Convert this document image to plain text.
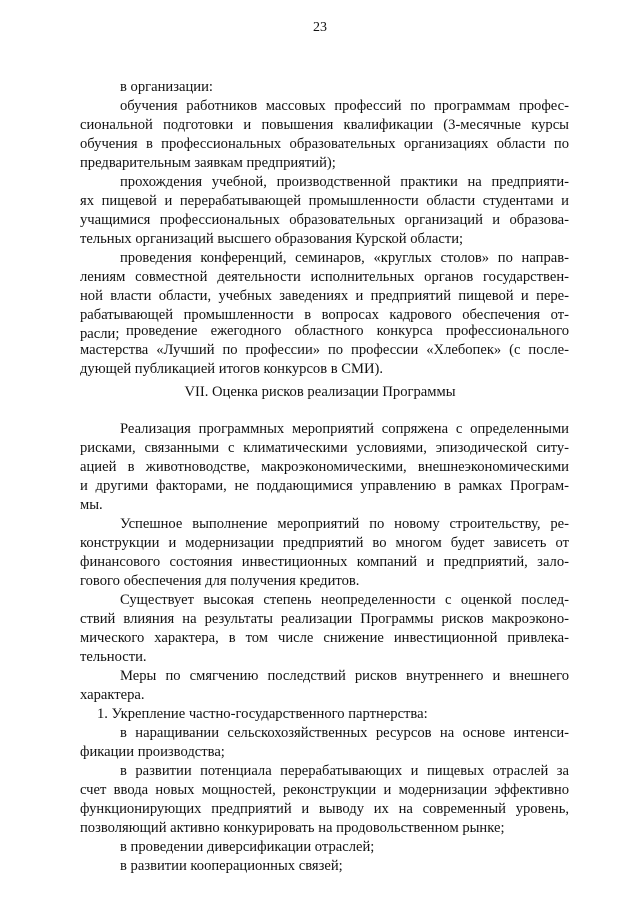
23
в организации:
обучения работников массовых профессий по программам профес-
сиональной подготовки и повышения квалификации (3-месячные курсы
обучения в профессиональных образовательных организациях области по
предварительным заявкам предприятий);
прохождения учебной, производственной практики на предприяти-
ях пищевой и перерабатывающей промышленности области студентами и
учащимися профессиональных образовательных организаций и образова-
тельных организаций высшего образования Курской области;
проведения конференций, семинаров, «круглых столов» по направ-
лениям совместной деятельности исполнительных органов государствен-
ной власти области, учебных заведениях и предприятий пищевой и пере-
рабатывающей промышленности в вопросах кадрового обеспечения от-
расли; проведение ежегодного областного конкурса профессионального
мастерства «Лучший по профессии» по профессии «Хлебопек» (с после-
дующей публикацией итогов конкурсов в СМИ).
VII. Оценка рисков реализации Программы
Реализация программных мероприятий сопряжена с определенными
рисками, связанными с климатическими условиями, эпизодической ситу-
ацией в животноводстве, макроэкономическими, внешнеэкономическими
и другими факторами, не поддающимися управлению в рамках Програм-
мы.
Успешное выполнение мероприятий по новому строительству, ре-
конструкции и модернизации предприятий во многом будет зависеть от
финансового состояния инвестиционных компаний и предприятий, зало-
гового обеспечения для получения кредитов.
Существует высокая степень неопределенности с оценкой послед-
ствий влияния на результаты реализации Программы рисков макроэконо-
мического характера, в том числе снижение инвестиционной привлека-
тельности.
Меры по смягчению последствий рисков внутреннего и внешнего
характера.
1. Укрепление частно-государственного партнерства:
в наращивании сельскохозяйственных ресурсов на основе интенси-
фикации производства;
в развитии потенциала перерабатывающих и пищевых отраслей за
счет ввода новых мощностей, реконструкции и модернизации эффективно
функционирующих предприятий и выводу их на современный уровень,
позволяющий активно конкурировать на продовольственном рынке;
в проведении диверсификации отраслей;
в развитии кооперационных связей;
